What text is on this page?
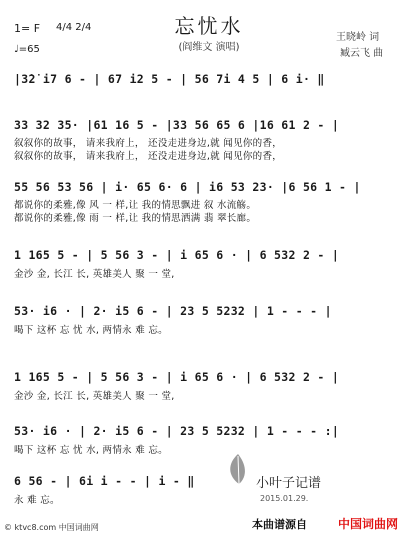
1= F 4/4 2/4
♩=65
忘忧水
(阎维文 演唱)
王晓岭 词
臧云飞 曲
|3̇2̇ i7 6 - | 67 i2 5 - | 56 7i 4 5 | 6 i· ‖
33 32 35· |61 16 5 - |33 56 65 6 |16 61 2 - |
叙叙你的故事， 请来我府上， 还没走进身边,就 闻见你的香，
叙叙你的故事， 请来我府上， 还没走进身边,就 闻见你的香，
55 56 53 56 | i· 65 6· 6 | i6 53 23· |6 56 1 - |
都说你的柔雅,像 风 一 样,让 我的情思飘进 叙 水流觞。
都说你的柔雅,像 雨 一 样,让 我的情思洒满 翡 翠长廊。
1 165 5 - | 5 56 3 - | i 65 6 · | 6 532 2 - |
金沙 金, 长江 长, 英雄美人 聚 一 堂,
53· i6 · | 2· i5 6 - | 23 5 5232 | 1 - - - |
喝下 这杯 忘 忧 水, 两情永 难 忘。
1 165 5 - | 5 56 3 - | i 65 6 · | 6 532 2 - |
金沙 金, 长江 长, 英雄美人 聚 一 堂,
53· i6 · | 2· i5 6 - | 23 5 5232 | 1 - - - :|
喝下 这杯 忘 忧 水, 两情永 难 忘。
6 56 - | 6i i - - | i - ‖
永 难 忘。
小叶子记谱
2015.01.29.
© ktvc8.com 中国词曲网	本曲谱源自	中国词曲网
